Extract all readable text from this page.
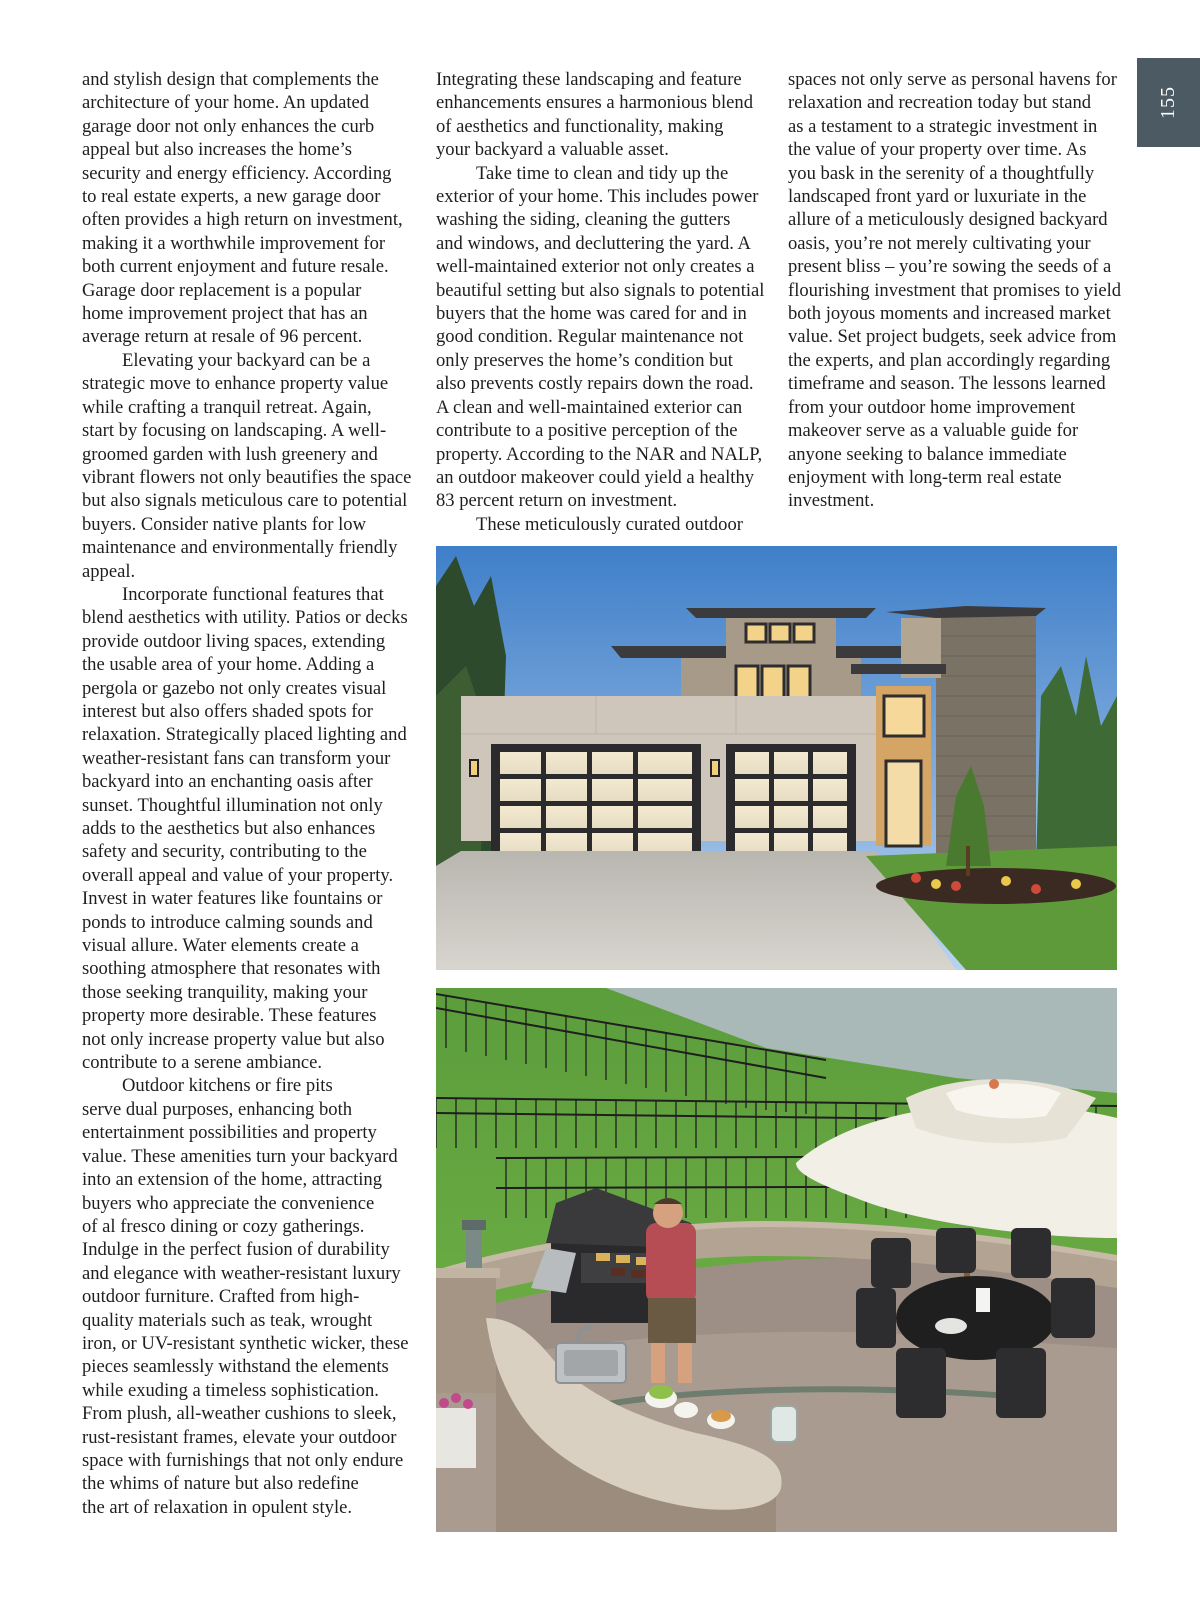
155

and stylish design that complements the
architecture of your home. An updated
garage door not only enhances the curb
appeal but also increases the home’s
security and energy efficiency. According
to real estate experts, a new garage door
often provides a high return on investment,
making it a worthwhile improvement for
both current enjoyment and future resale.
Garage door replacement is a popular
home improvement project that has an
average return at resale of 96 percent.

Elevating your backyard can be a
strategic move to enhance property value
while crafting a tranquil retreat. Again,
start by focusing on landscaping. A well-
groomed garden with lush greenery and
vibrant flowers not only beautifies the space
but also signals meticulous care to potential
buyers. Consider native plants for low
maintenance and environmentally friendly
appeal.

Incorporate functional features that
blend aesthetics with utility. Patios or decks
provide outdoor living spaces, extending
the usable area of your home. Adding a
pergola or gazebo not only creates visual
interest but also offers shaded spots for
relaxation. Strategically placed lighting and
weather-resistant fans can transform your
backyard into an enchanting oasis after
sunset. Thoughtful illumination not only
adds to the aesthetics but also enhances
safety and security, contributing to the
overall appeal and value of your property.
Invest in water features like fountains or
ponds to introduce calming sounds and
visual allure. Water elements create a
soothing atmosphere that resonates with
those seeking tranquility, making your
property more desirable. These features
not only increase property value but also
contribute to a serene ambiance.

Outdoor kitchens or fire pits
serve dual purposes, enhancing both
entertainment possibilities and property
value. These amenities turn your backyard
into an extension of the home, attracting
buyers who appreciate the convenience
of al fresco dining or cozy gatherings.
Indulge in the perfect fusion of durability
and elegance with weather-resistant luxury
outdoor furniture. Crafted from high-
quality materials such as teak, wrought
iron, or UV-resistant synthetic wicker, these
pieces seamlessly withstand the elements
while exuding a timeless sophistication.
From plush, all-weather cushions to sleek,
rust-resistant frames, elevate your outdoor
space with furnishings that not only endure
the whims of nature but also redefine
the art of relaxation in opulent style.

Integrating these landscaping and feature
enhancements ensures a harmonious blend
of aesthetics and functionality, making
your backyard a valuable asset.

Take time to clean and tidy up the
exterior of your home. This includes power
washing the siding, cleaning the gutters
and windows, and decluttering the yard. A
well-maintained exterior not only creates a
beautiful setting but also signals to potential
buyers that the home was cared for and in
good condition. Regular maintenance not
only preserves the home’s condition but
also prevents costly repairs down the road.
A clean and well-maintained exterior can
contribute to a positive perception of the
property. According to the NAR and NALP,
an outdoor makeover could yield a healthy
83 percent return on investment.

These meticulously curated outdoor

spaces not only serve as personal havens for
relaxation and recreation today but stand
as a testament to a strategic investment in
the value of your property over time. As
you bask in the serenity of a thoughtfully
landscaped front yard or luxuriate in the
allure of a meticulously designed backyard
oasis, you’re not merely cultivating your
present bliss – you’re sowing the seeds of a
flourishing investment that promises to yield
both joyous moments and increased market
value. Set project budgets, seek advice from
the experts, and plan accordingly regarding
timeframe and season. The lessons learned
from your outdoor home improvement
makeover serve as a valuable guide for
anyone seeking to balance immediate
enjoyment with long-term real estate
investment.
